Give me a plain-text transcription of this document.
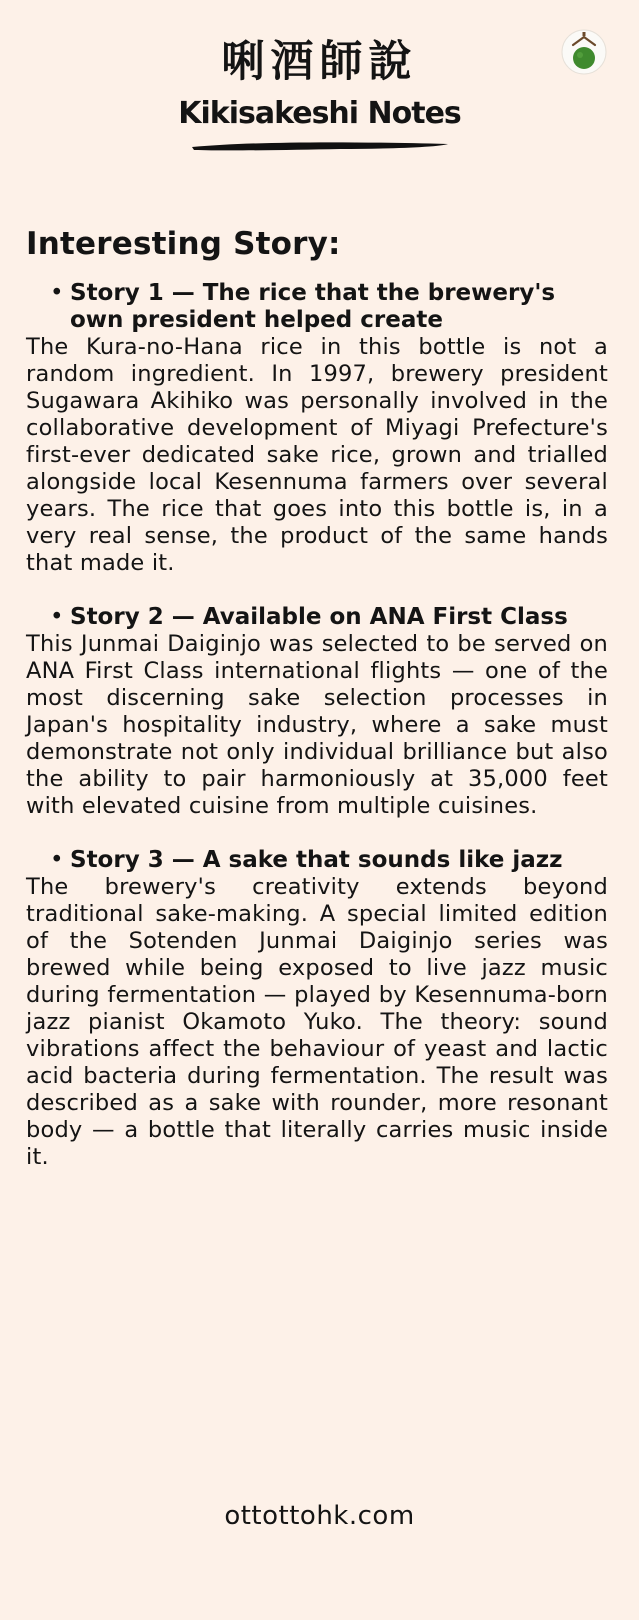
唎酒師說
Kikisakeshi Notes
Interesting Story:
• Story 1 — The rice that the brewery's own president helped create

The Kura-no-Hana rice in this bottle is not a random ingredient. In 1997, brewery president Sugawara Akihiko was personally involved in the collaborative development of Miyagi Prefecture's first-ever dedicated sake rice, grown and trialled alongside local Kesennuma farmers over several years. The rice that goes into this bottle is, in a very real sense, the product of the same hands that made it.

• Story 2 — Available on ANA First Class

This Junmai Daiginjo was selected to be served on ANA First Class international flights — one of the most discerning sake selection processes in Japan's hospitality industry, where a sake must demonstrate not only individual brilliance but also the ability to pair harmoniously at 35,000 feet with elevated cuisine from multiple cuisines.

• Story 3 — A sake that sounds like jazz

The brewery's creativity extends beyond traditional sake-making. A special limited edition of the Sotenden Junmai Daiginjo series was brewed while being exposed to live jazz music during fermentation — played by Kesennuma-born jazz pianist Okamoto Yuko. The theory: sound vibrations affect the behaviour of yeast and lactic acid bacteria during fermentation. The result was described as a sake with rounder, more resonant body — a bottle that literally carries music inside it.

ottottohk.com
